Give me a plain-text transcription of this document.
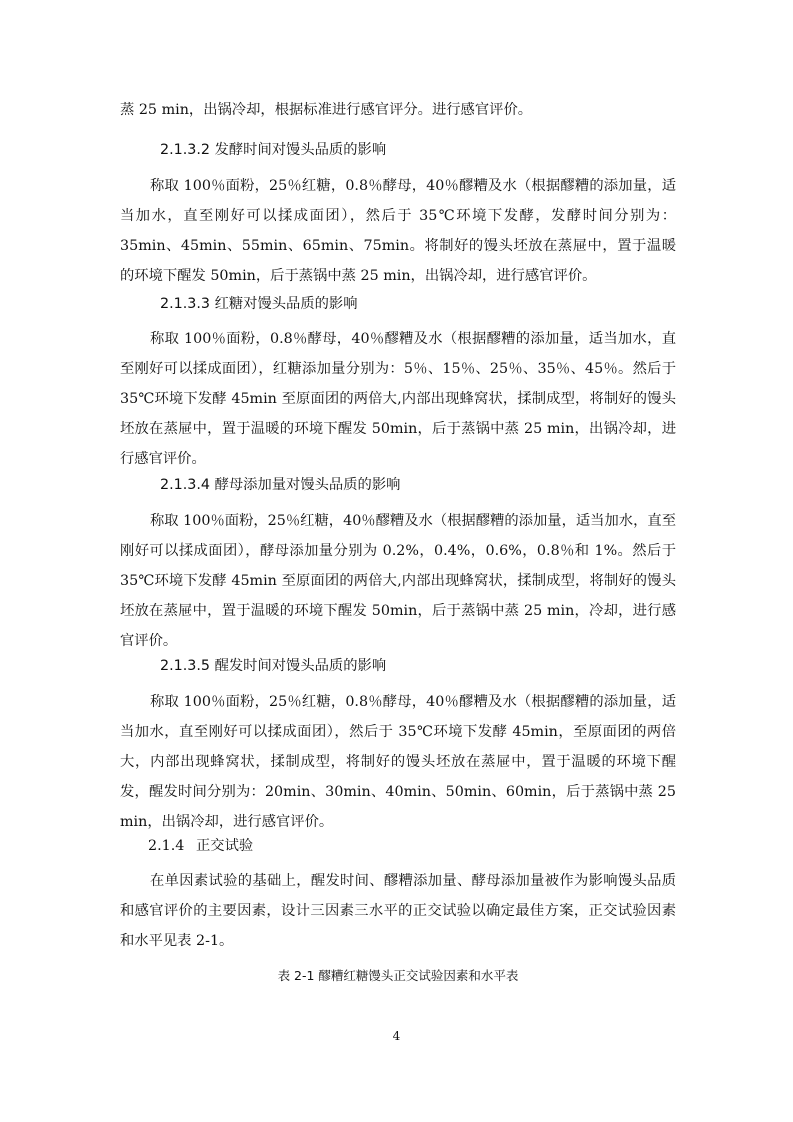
蒸 25 min，出锅冷却，根据标准进行感官评分。进行感官评价。

2.1.3.2 发酵时间对馒头品质的影响

称取 100％面粉，25％红糖，0.8％酵母，40％醪糟及水（根据醪糟的添加量，适当加水，直至刚好可以揉成面团），然后于 35℃环境下发酵，发酵时间分别为：35min、45min、55min、65min、75min。将制好的馒头坯放在蒸屉中，置于温暖的环境下醒发 50min，后于蒸锅中蒸 25 min，出锅冷却，进行感官评价。

2.1.3.3 红糖对馒头品质的影响

称取 100％面粉，0.8％酵母，40％醪糟及水（根据醪糟的添加量，适当加水，直至刚好可以揉成面团），红糖添加量分别为：5％、15％、25％、35％、45％。然后于 35℃环境下发酵 45min 至原面团的两倍大,内部出现蜂窝状，揉制成型，将制好的馒头坯放在蒸屉中，置于温暖的环境下醒发 50min，后于蒸锅中蒸 25 min，出锅冷却，进行感官评价。

2.1.3.4 酵母添加量对馒头品质的影响

称取 100％面粉，25％红糖，40％醪糟及水（根据醪糟的添加量，适当加水，直至刚好可以揉成面团），酵母添加量分别为 0.2%，0.4%，0.6%，0.8％和 1%。然后于 35℃环境下发酵 45min 至原面团的两倍大,内部出现蜂窝状，揉制成型，将制好的馒头坯放在蒸屉中，置于温暖的环境下醒发 50min，后于蒸锅中蒸 25 min，冷却，进行感官评价。

2.1.3.5 醒发时间对馒头品质的影响

称取 100％面粉，25％红糖，0.8％酵母，40％醪糟及水（根据醪糟的添加量，适当加水，直至刚好可以揉成面团），然后于 35℃环境下发酵 45min，至原面团的两倍大，内部出现蜂窝状，揉制成型，将制好的馒头坯放在蒸屉中，置于温暖的环境下醒发，醒发时间分别为：20min、30min、40min、50min、60min，后于蒸锅中蒸 25 min，出锅冷却，进行感官评价。

2.1.4 正交试验

在单因素试验的基础上，醒发时间、醪糟添加量、酵母添加量被作为影响馒头品质和感官评价的主要因素，设计三因素三水平的正交试验以确定最佳方案，正交试验因素和水平见表 2-1。

表 2-1 醪糟红糖馒头正交试验因素和水平表

4
